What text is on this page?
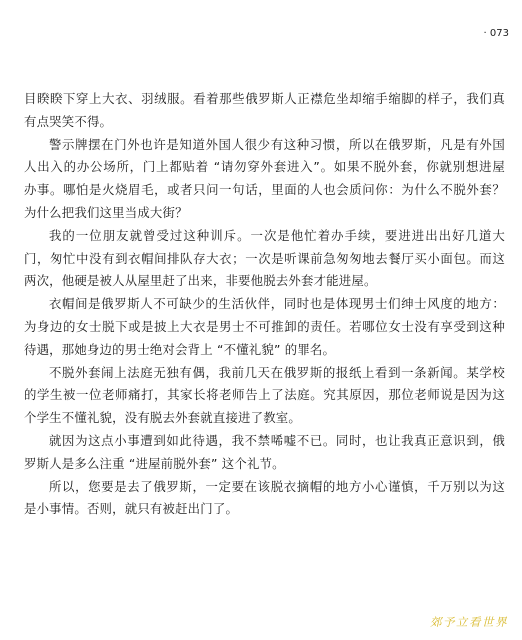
· 073
目睽睽下穿上大衣、羽绒服。看着那些俄罗斯人正襟危坐却缩手缩脚的样子，我们真
有点哭笑不得。
警示牌摆在门外也许是知道外国人很少有这种习惯，所以在俄罗斯，凡是有外国
人出入的办公场所，门上都贴着 “请勿穿外套进入”。如果不脱外套，你就别想进屋
办事。哪怕是火烧眉毛，或者只问一句话，里面的人也会质问你：为什么不脱外套？
为什么把我们这里当成大街？
我的一位朋友就曾受过这种训斥。一次是他忙着办手续，要进进出出好几道大
门，匆忙中没有到衣帽间排队存大衣；一次是听课前急匆匆地去餐厅买小面包。而这
两次，他硬是被人从屋里赶了出来，非要他脱去外套才能进屋。
衣帽间是俄罗斯人不可缺少的生活伙伴，同时也是体现男士们绅士风度的地方：
为身边的女士脱下或是披上大衣是男士不可推卸的责任。若哪位女士没有享受到这种
待遇，那她身边的男士绝对会背上 “不懂礼貌” 的罪名。
不脱外套闹上法庭无独有偶，我前几天在俄罗斯的报纸上看到一条新闻。某学校
的学生被一位老师痛打，其家长将老师告上了法庭。究其原因，那位老师说是因为这
个学生不懂礼貌，没有脱去外套就直接进了教室。
就因为这点小事遭到如此待遇，我不禁唏嘘不已。同时，也让我真正意识到，俄
罗斯人是多么注重 “进屋前脱外套” 这个礼节。
所以，您要是去了俄罗斯，一定要在该脱衣摘帽的地方小心谨慎，千万别以为这
是小事情。否则，就只有被赶出门了。
郊予立看世界
